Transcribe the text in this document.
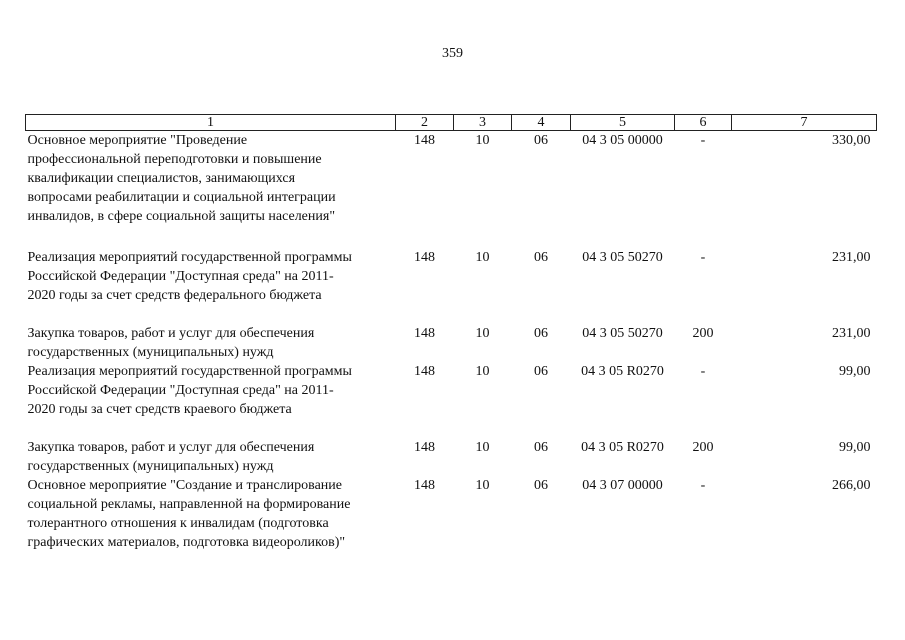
359
1	2	3	4	5	6	7

Основное мероприятие "Проведение
профессиональной переподготовки и повышение
квалификации специалистов, занимающихся
вопросами реабилитации и социальной интеграции
инвалидов, в сфере социальной защиты населения"	148	10	06	04 3 05 00000	-	330,00

Реализация мероприятий государственной программы
Российской Федерации "Доступная среда" на 2011-
2020 годы за счет средств федерального бюджета	148	10	06	04 3 05 50270	-	231,00

Закупка товаров, работ и услуг для обеспечения
государственных (муниципальных) нужд	148	10	06	04 3 05 50270	200	231,00

Реализация мероприятий государственной программы
Российской Федерации "Доступная среда" на 2011-
2020 годы за счет средств краевого бюджета	148	10	06	04 3 05 R0270	-	99,00

Закупка товаров, работ и услуг для обеспечения
государственных (муниципальных) нужд	148	10	06	04 3 05 R0270	200	99,00

Основное мероприятие "Создание и транслирование
социальной рекламы, направленной на формирование
толерантного отношения к инвалидам (подготовка
графических материалов, подготовка видеороликов)"	148	10	06	04 3 07 00000	-	266,00
